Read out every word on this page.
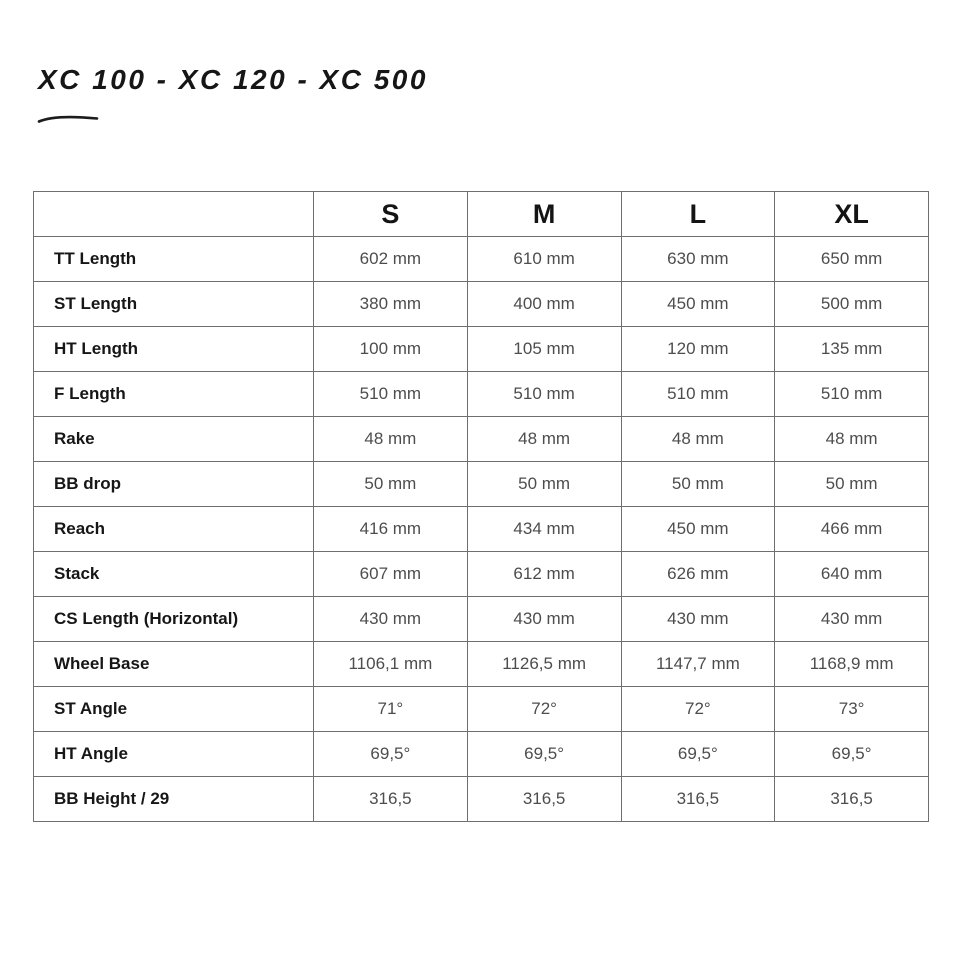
XC 100 - XC 120 - XC 500
	S	M	L	XL
TT Length	602 mm	610 mm	630 mm	650 mm
ST Length	380 mm	400 mm	450 mm	500 mm
HT Length	100 mm	105 mm	120 mm	135 mm
F Length	510 mm	510 mm	510 mm	510 mm
Rake	48 mm	48 mm	48 mm	48 mm
BB drop	50 mm	50 mm	50 mm	50 mm
Reach	416 mm	434 mm	450 mm	466 mm
Stack	607 mm	612 mm	626 mm	640 mm
CS Length (Horizontal)	430 mm	430 mm	430 mm	430 mm
Wheel Base	1106,1 mm	1126,5 mm	1147,7 mm	1168,9 mm
ST Angle	71°	72°	72°	73°
HT Angle	69,5°	69,5°	69,5°	69,5°
BB Height / 29	316,5	316,5	316,5	316,5
